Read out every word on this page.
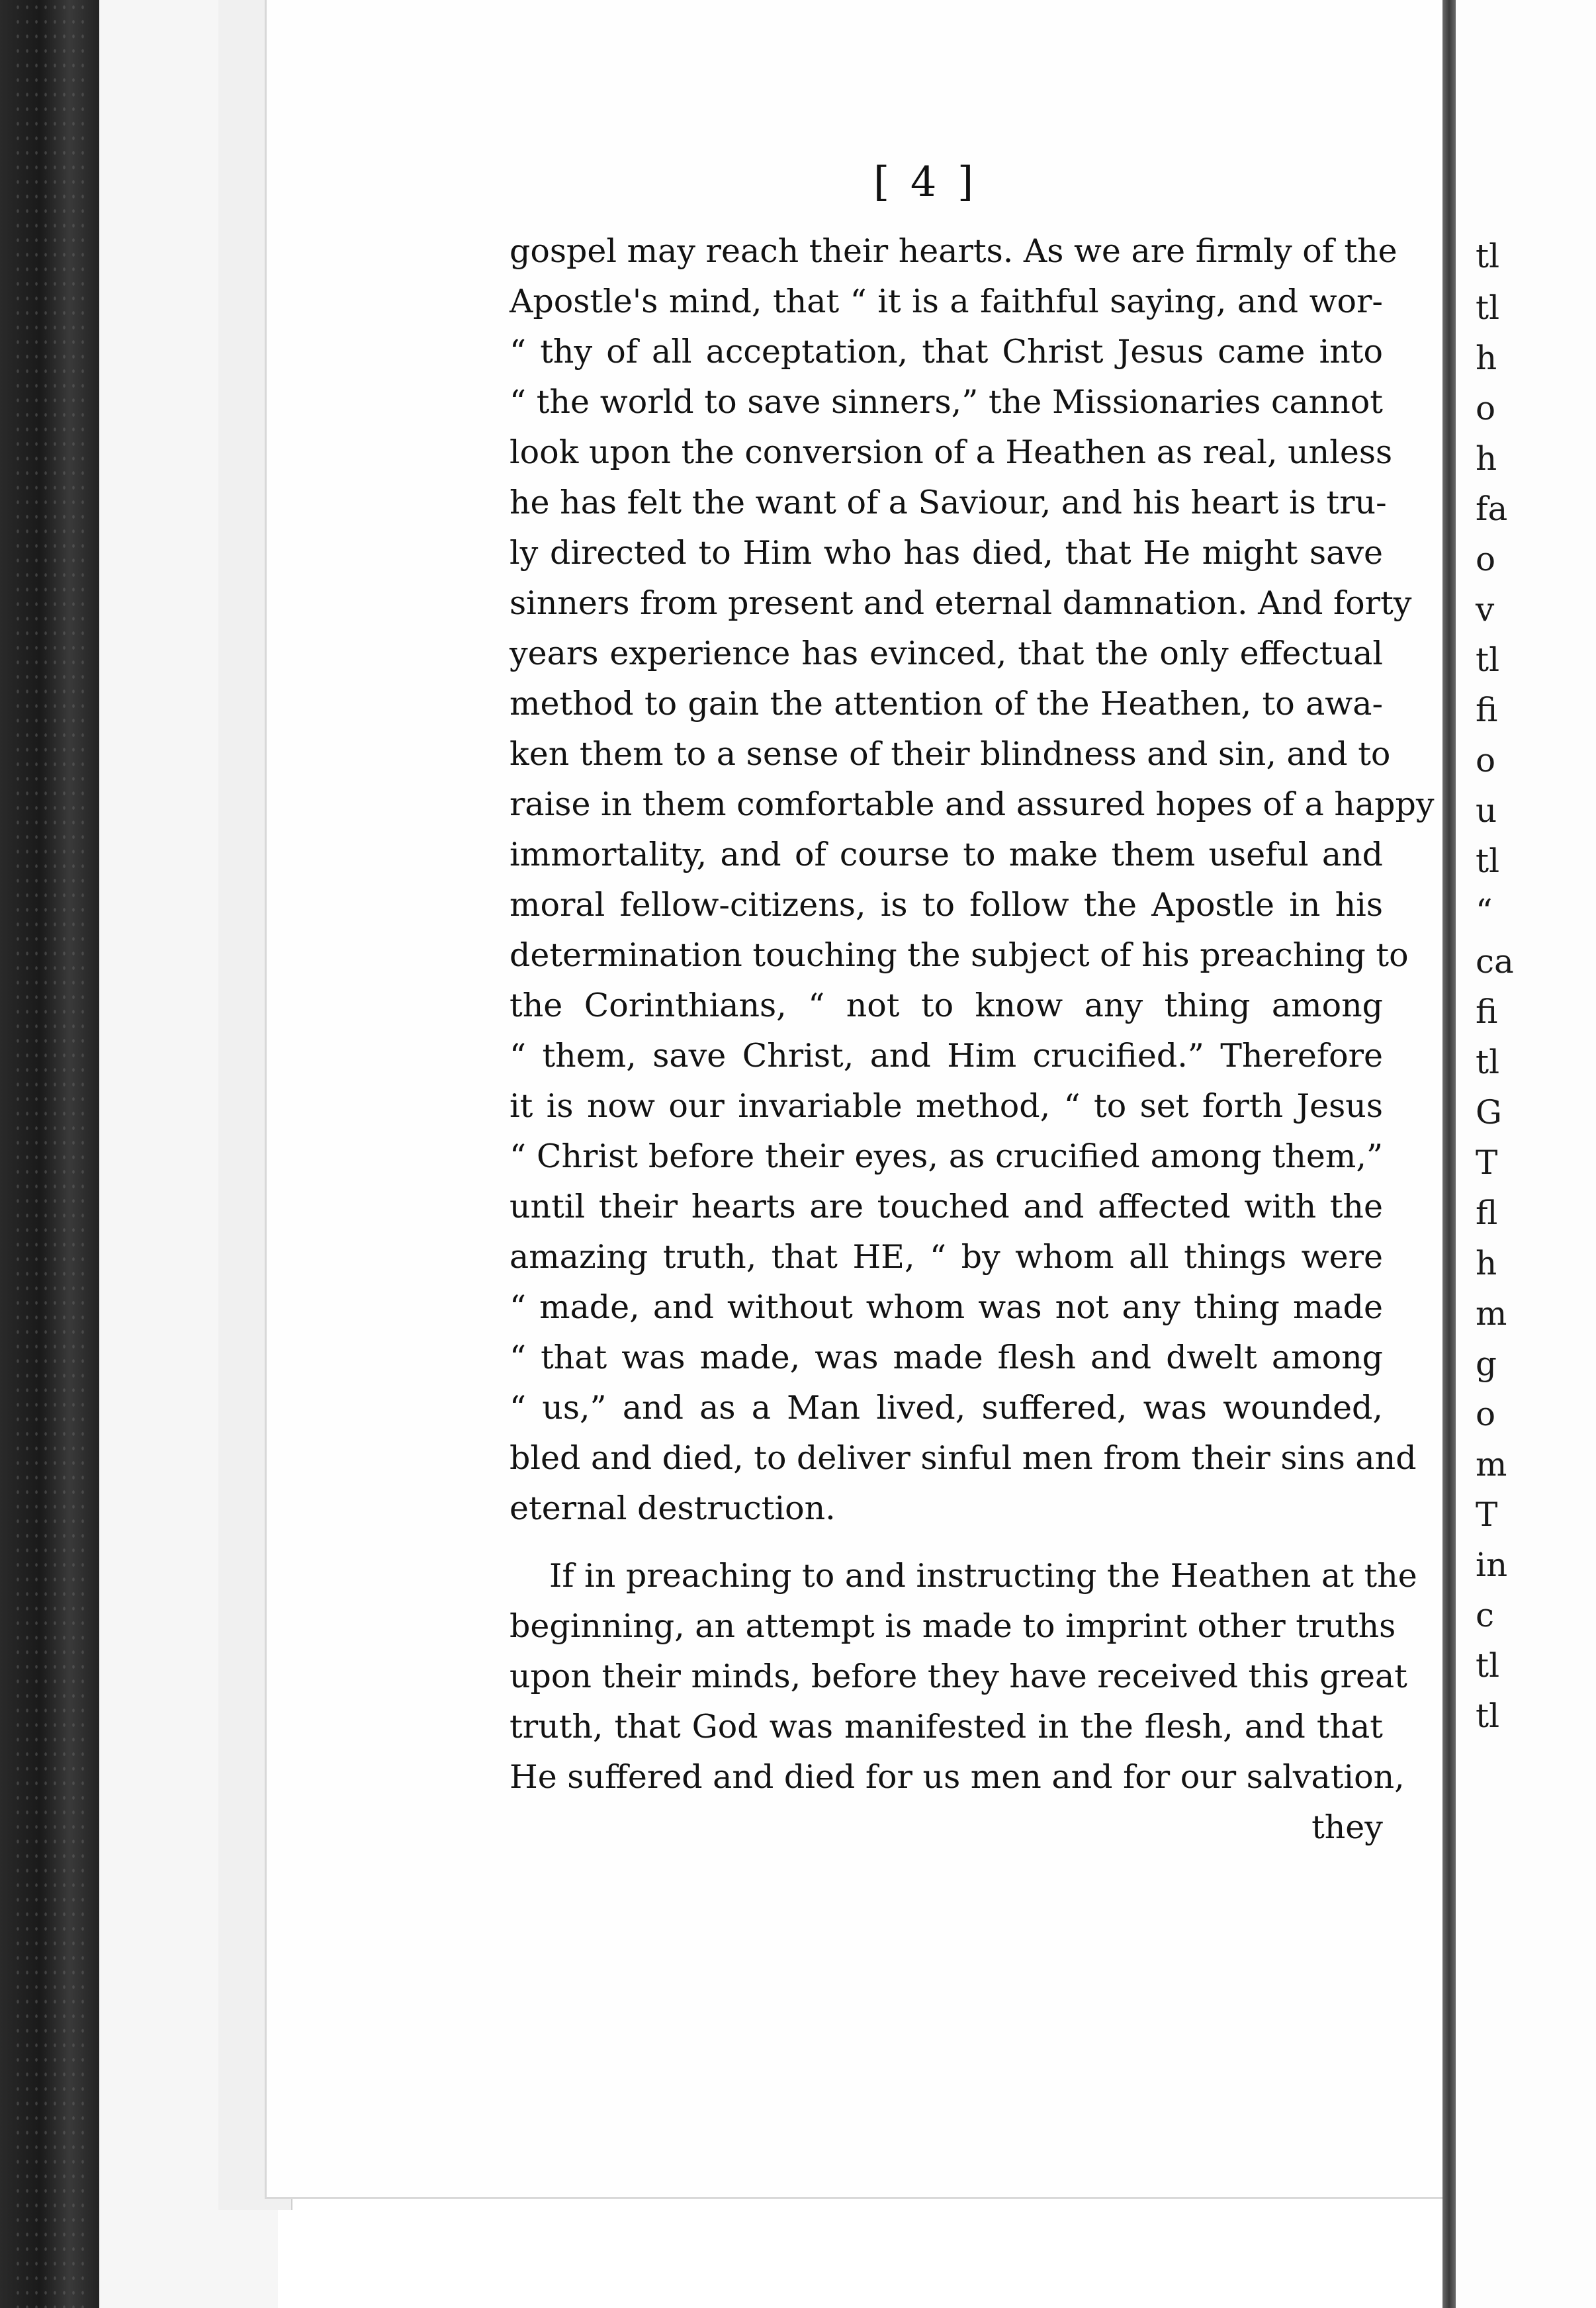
[ 4 ]
gospel may reach their hearts. As we are firmly of the
Apostle's mind, that “ it is a faithful saying, and wor-
“ thy of all acceptation, that Christ Jesus came into
“ the world to save sinners,” the Missionaries cannot
look upon the conversion of a Heathen as real, unless
he has felt the want of a Saviour, and his heart is tru-
ly directed to Him who has died, that He might save
sinners from present and eternal damnation. And forty
years experience has evinced, that the only effectual
method to gain the attention of the Heathen, to awa-
ken them to a sense of their blindness and sin, and to
raise in them comfortable and assured hopes of a happy
immortality, and of course to make them useful and
moral fellow-citizens, is to follow the Apostle in his
determination touching the subject of his preaching to
the Corinthians, “ not to know any thing among
“ them, save Christ, and Him crucified.” Therefore
it is now our invariable method, “ to set forth Jesus
“ Christ before their eyes, as crucified among them,”
until their hearts are touched and affected with the
amazing truth, that HE, “ by whom all things were
“ made, and without whom was not any thing made
“ that was made, was made flesh and dwelt among
“ us,” and as a Man lived, suffered, was wounded,
bled and died, to deliver sinful men from their sins and
eternal destruction.
If in preaching to and instructing the Heathen at the
beginning, an attempt is made to imprint other truths
upon their minds, before they have received this great
truth, that God was manifested in the flesh, and that
He suffered and died for us men and for our salvation,
they
tl
tl
h
o
h
fa
o
v
tl
fi
o
u
tl
“
ca
fi
tl
G
T
fl
h
m
g
o
m
T
in
c
tl
tl
